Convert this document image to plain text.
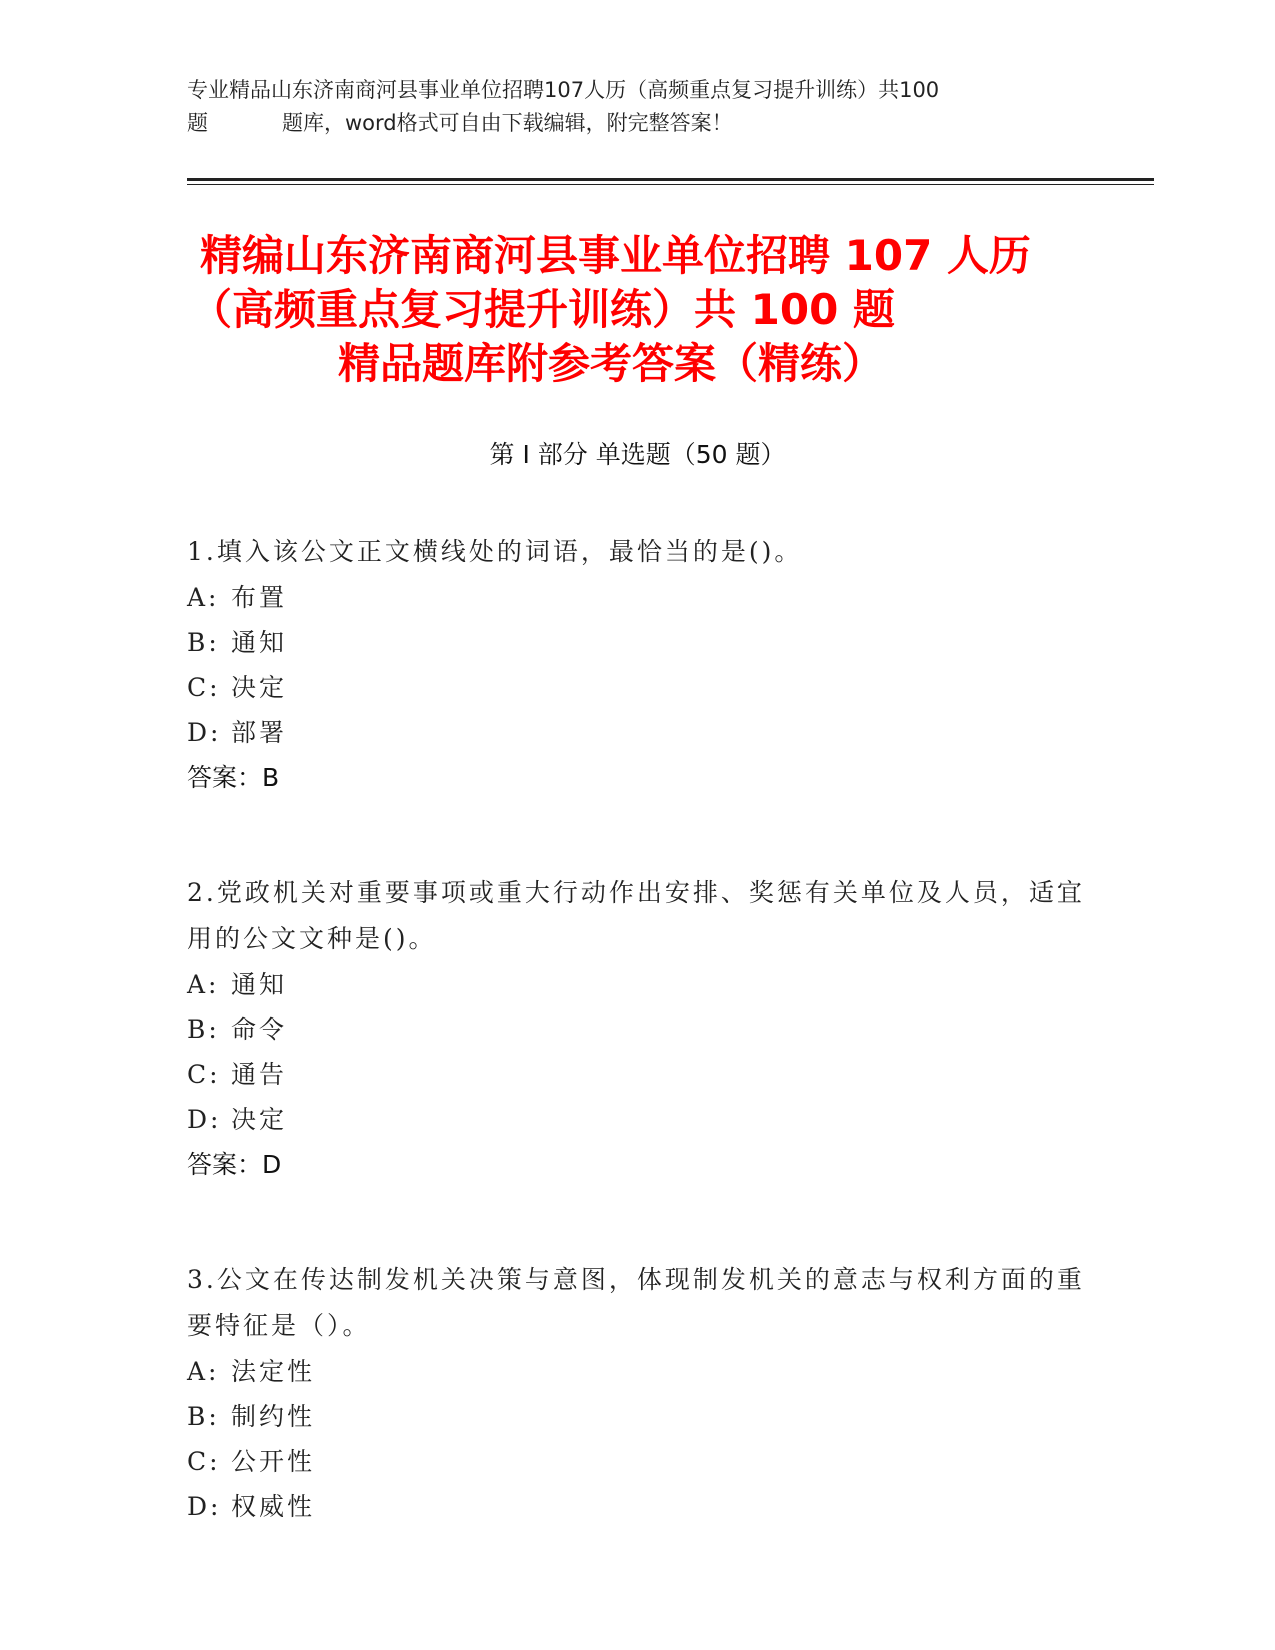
专业精品山东济南商河县事业单位招聘107人历（高频重点复习提升训练）共100
题	题库，word格式可自由下载编辑，附完整答案！
精编山东济南商河县事业单位招聘 107 人历
（高频重点复习提升训练）共 100 题
精品题库附参考答案（精练）
第 I 部分 单选题（50 题）
1.填入该公文正文横线处的词语，最恰当的是()。
A: 布置
B: 通知
C: 决定
D: 部署
答案：B
2.党政机关对重要事项或重大行动作出安排、奖惩有关单位及人员，适宜用的公文文种是()。
A: 通知
B: 命令
C: 通告
D: 决定
答案：D
3.公文在传达制发机关决策与意图，体现制发机关的意志与权利方面的重要特征是（）。
A: 法定性
B: 制约性
C: 公开性
D: 权威性
